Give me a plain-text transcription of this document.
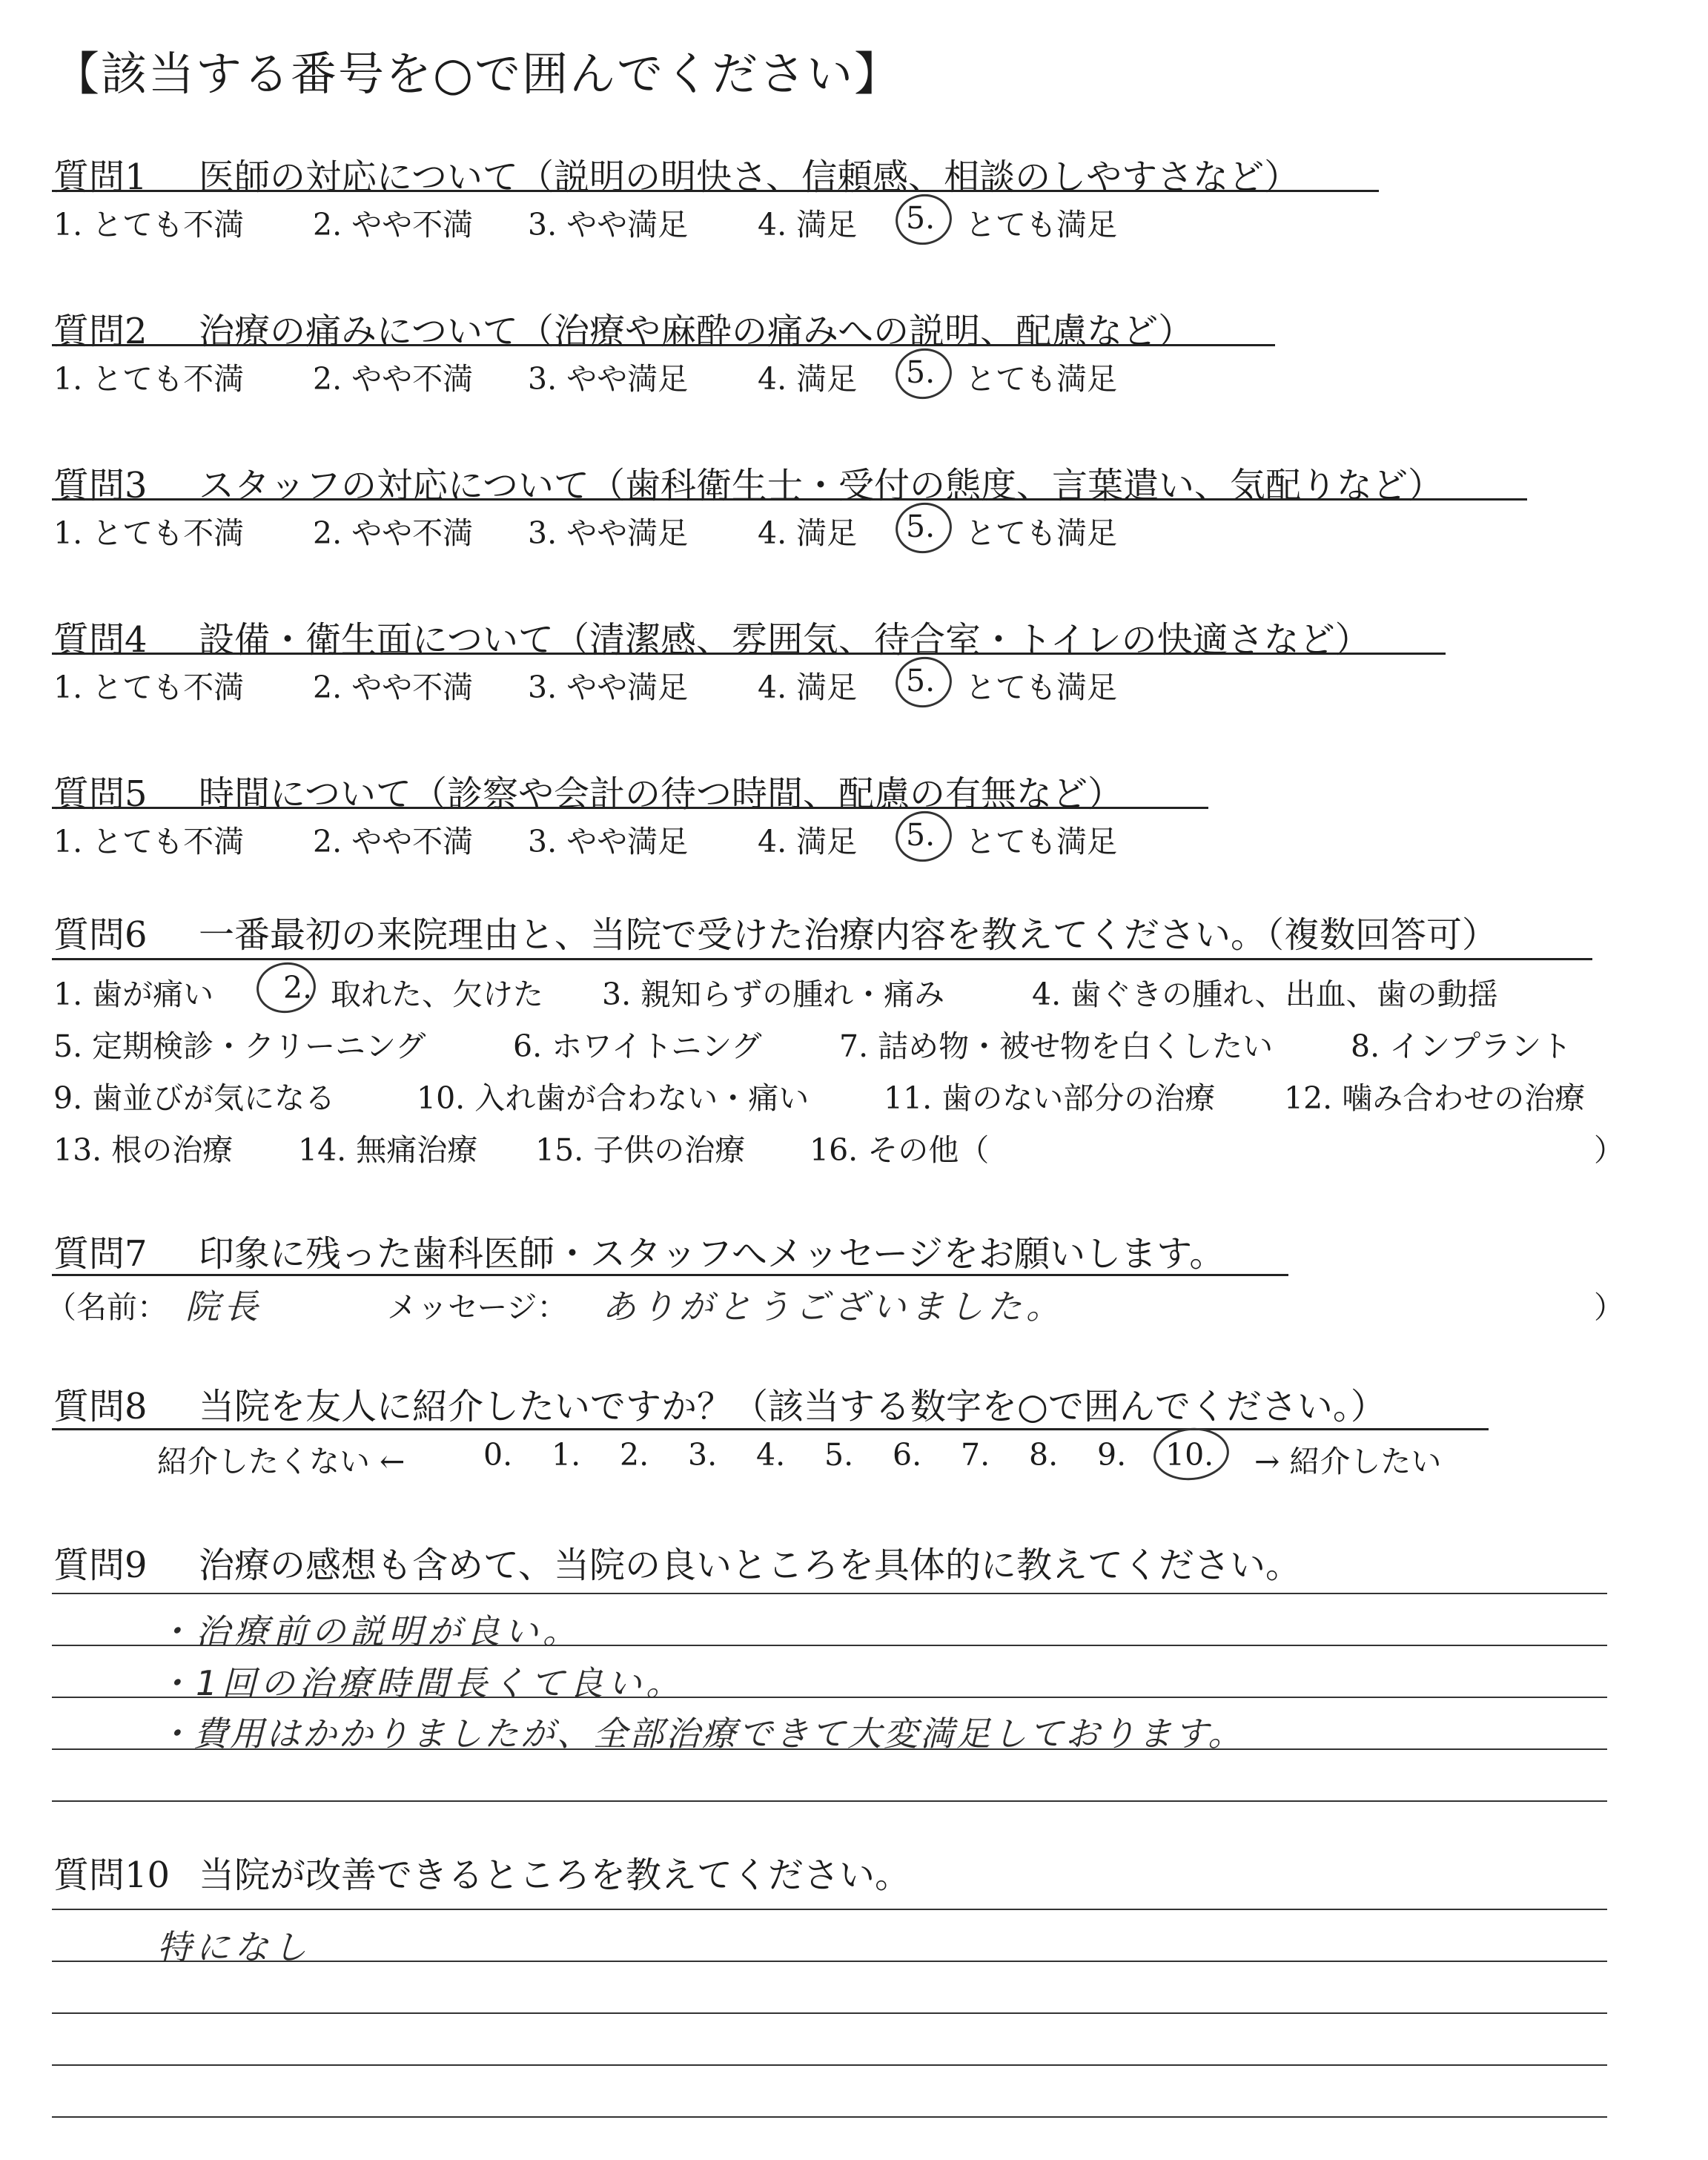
【該当する番号を○で囲んでください】
質問1 医師の対応について（説明の明快さ、信頼感、相談のしやすさなど）
1. とても不満 2. やや不満 3. やや満足 4. 満足 5. とても満足
質問2 治療の痛みについて（治療や麻酔の痛みへの説明、配慮など）
1. とても不満 2. やや不満 3. やや満足 4. 満足 5. とても満足
質問3 スタッフの対応について（歯科衛生士・受付の態度、言葉遣い、気配りなど）
1. とても不満 2. やや不満 3. やや満足 4. 満足 5. とても満足
質問4 設備・衛生面について（清潔感、雰囲気、待合室・トイレの快適さなど）
1. とても不満 2. やや不満 3. やや満足 4. 満足 5. とても満足
質問5 時間について（診察や会計の待つ時間、配慮の有無など）
1. とても不満 2. やや不満 3. やや満足 4. 満足 5. とても満足
質問6 一番最初の来院理由と、当院で受けた治療内容を教えてください。（複数回答可）
1. 歯が痛い 2. 取れた、欠けた 3. 親知らずの腫れ・痛み	4. 歯ぐきの腫れ、出血、歯の動揺
5. 定期検診・クリーニング	6. ホワイトニング	7. 詰め物・被せ物を白くしたい	8. インプラント
9. 歯並びが気になる	10. 入れ歯が合わない・痛い 11. 歯のない部分の治療 12. 噛み合わせの治療
13. 根の治療 14. 無痛治療 15. 子供の治療 16. その他（	）
質問7 印象に残った歯科医師・スタッフへメッセージをお願いします。
（名前： 院長	メッセージ： ありがとうございました。	）
質問8 当院を友人に紹介したいですか？（該当する数字を○で囲んでください。）
紹介したくない ←	0. 1. 2. 3. 4. 5. 6. 7. 8. 9. 10. → 紹介したい
質問9 治療の感想も含めて、当院の良いところを具体的に教えてください。
・治療前の説明が良い。
・1回の治療時間長くて良い。
・費用はかかりましたが、全部治療できて大変満足しております。
質問10 当院が改善できるところを教えてください。
特になし
